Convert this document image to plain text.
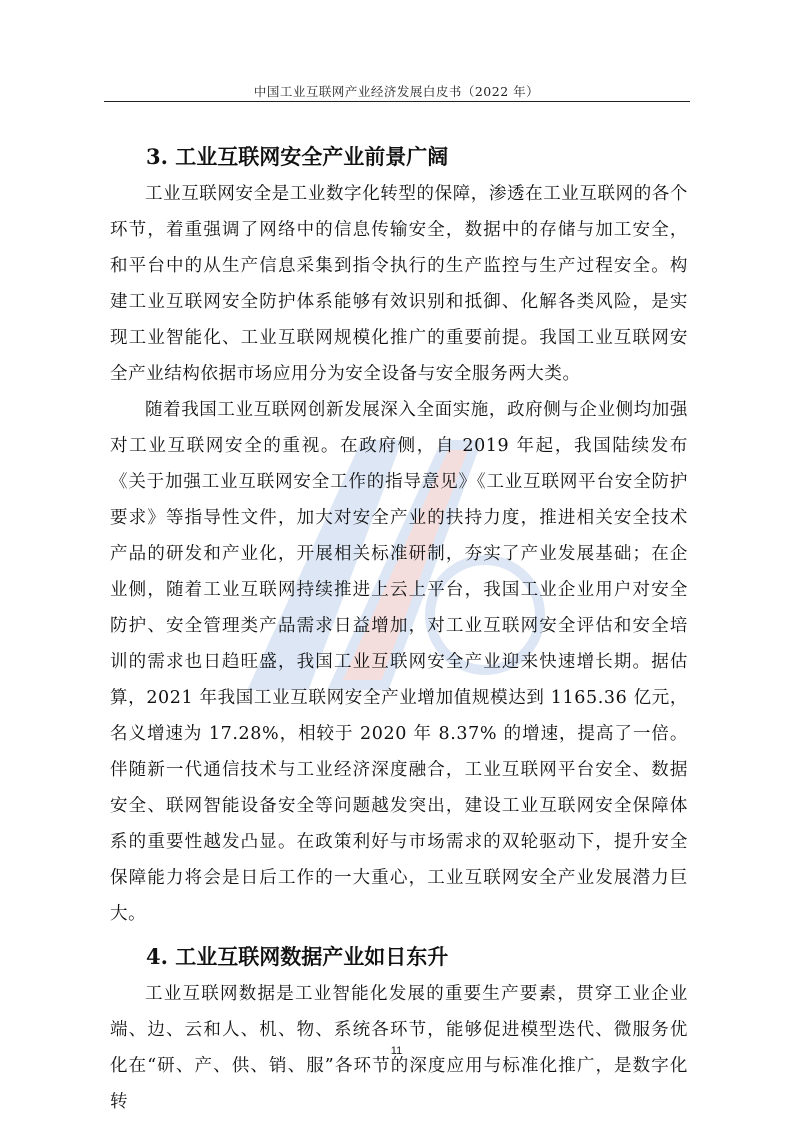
中国工业互联网产业经济发展白皮书（2022 年）
3. 工业互联网安全产业前景广阔

工业互联网安全是工业数字化转型的保障，渗透在工业互联网的各个环节，着重强调了网络中的信息传输安全，数据中的存储与加工安全，和平台中的从生产信息采集到指令执行的生产监控与生产过程安全。构建工业互联网安全防护体系能够有效识别和抵御、化解各类风险，是实现工业智能化、工业互联网规模化推广的重要前提。我国工业互联网安全产业结构依据市场应用分为安全设备与安全服务两大类。

随着我国工业互联网创新发展深入全面实施，政府侧与企业侧均加强对工业互联网安全的重视。在政府侧，自 2019 年起，我国陆续发布《关于加强工业互联网安全工作的指导意见》《工业互联网平台安全防护要求》等指导性文件，加大对安全产业的扶持力度，推进相关安全技术产品的研发和产业化，开展相关标准研制，夯实了产业发展基础；在企业侧，随着工业互联网持续推进上云上平台，我国工业企业用户对安全防护、安全管理类产品需求日益增加，对工业互联网安全评估和安全培训的需求也日趋旺盛，我国工业互联网安全产业迎来快速增长期。据估算，2021 年我国工业互联网安全产业增加值规模达到 1165.36 亿元，名义增速为 17.28%，相较于 2020 年 8.37% 的增速，提高了一倍。伴随新一代通信技术与工业经济深度融合，工业互联网平台安全、数据安全、联网智能设备安全等问题越发突出，建设工业互联网安全保障体系的重要性越发凸显。在政策利好与市场需求的双轮驱动下，提升安全保障能力将会是日后工作的一大重心，工业互联网安全产业发展潜力巨大。

4. 工业互联网数据产业如日东升

工业互联网数据是工业智能化发展的重要生产要素，贯穿工业企业端、边、云和人、机、物、系统各环节，能够促进模型迭代、微服务优化在“研、产、供、销、服”各环节的深度应用与标准化推广，是数字化转

11
